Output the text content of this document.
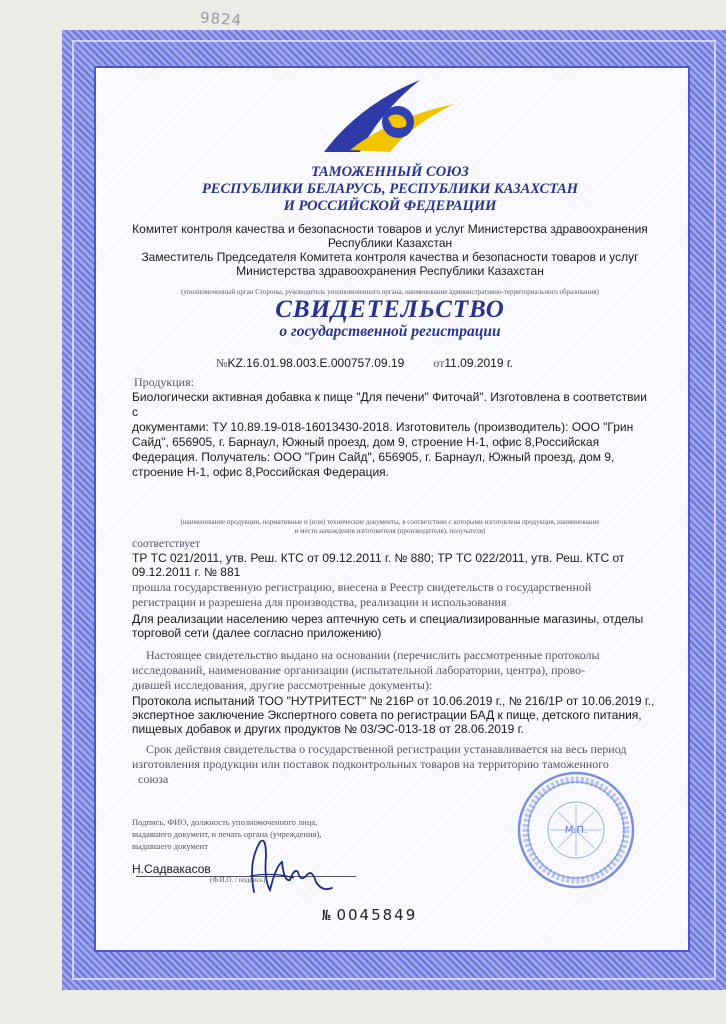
9824
ТАМОЖЕННЫЙ СОЮЗ
РЕСПУБЛИКИ БЕЛАРУСЬ, РЕСПУБЛИКИ КАЗАХСТАН
И РОССИЙСКОЙ ФЕДЕРАЦИИ
Комитет контроля качества и безопасности товаров и услуг Министерства здравоохранения
Республики Казахстан
Заместитель Председателя Комитета контроля качества и безопасности товаров и услуг
Министерства здравоохранения Республики Казахстан
(уполномоченный орган Стороны, руководитель уполномоченного органа, наименование административно-территориального образования)
СВИДЕТЕЛЬСТВО
о государственной регистрации
№KZ.16.01.98.003.Е.000757.09.19 от11.09.2019 г.
Продукция:
Биологически активная добавка к пище "Для печени" Фиточай". Изготовлена в соответствии с
документами: ТУ 10.89.19-018-16013430-2018. Изготовитель (производитель): ООО "Грин
Сайд", 656905, г. Барнаул, Южный проезд, дом 9, строение Н-1, офис 8,Российская
Федерация. Получатель: ООО "Грин Сайд", 656905, г. Барнаул, Южный проезд, дом 9,
строение Н-1, офис 8,Российская Федерация.
(наименование продукции, нормативные и (или) технические документы, в соответствии с которыми изготовлена продукция, наименование
и место нахождения изготовителя (производителя), получателя)
соответствует
ТР ТС 021/2011, утв. Реш. КТС от 09.12.2011 г. № 880; ТР ТС 022/2011, утв. Реш. КТС от
09.12.2011 г. № 881
прошла государственную регистрацию, внесена в Реестр свидетельств о государственной
регистрации и разрешена для производства, реализации и использования
Для реализации населению через аптечную сеть и специализированные магазины, отделы
торговой сети (далее согласно приложению)
Настоящее свидетельство выдано на основании (перечислить рассмотренные протоколы
исследований, наименование организации (испытательной лаборатории, центра), прово-
дившей исследования, другие рассмотренные документы):
Протокола испытаний ТОО "НУТРИТЕСТ" № 216Р от 10.06.2019 г., № 216/1Р от 10.06.2019 г.,
экспертное заключение Экспертного совета по регистрации БАД к пище, детского питания,
пищевых добавок и других продуктов № 03/ЭС-013-18 от 28.06.2019 г.
Срок действия свидетельства о государственной регистрации устанавливается на весь период
изготовления продукции или поставок подконтрольных товаров на территорию таможенного
союза
Подпись, ФИО, должность уполномоченного лица,
выдавшего документ, и печать органа (учреждения),
выдавшего документ
Н.Садвакасов
(Ф.И.О. / подпись)
М.П.
№ 0045849
